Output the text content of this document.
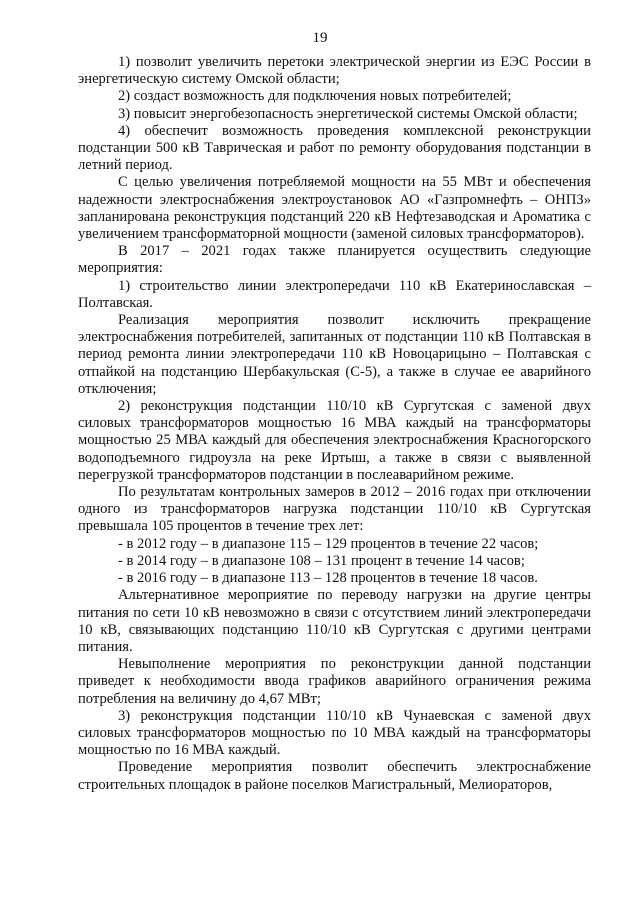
19

1) позволит увеличить перетоки электрической энергии из ЕЭС России в энергетическую систему Омской области;

2) создаст возможность для подключения новых потребителей;

3) повысит энергобезопасность энергетической системы Омской области;

4) обеспечит возможность проведения комплексной реконструкции подстанции 500 кВ Таврическая и работ по ремонту оборудования подстанции в летний период.

С целью увеличения потребляемой мощности на 55 МВт и обеспечения надежности электроснабжения электроустановок АО «Газпромнефть – ОНПЗ» запланирована реконструкция подстанций 220 кВ Нефтезаводская и Ароматика с увеличением трансформаторной мощности (заменой силовых трансформаторов).

В 2017 – 2021 годах также планируется осуществить следующие мероприятия:

1) строительство линии электропередачи 110 кВ Екатеринославская – Полтавская.

Реализация мероприятия позволит исключить прекращение электроснабжения потребителей, запитанных от подстанции 110 кВ Полтавская в период ремонта линии электропередачи 110 кВ Новоцарицыно – Полтавская с отпайкой на подстанцию Шербакульская (С-5), а также в случае ее аварийного отключения;

2) реконструкция подстанции 110/10 кВ Сургутская с заменой двух силовых трансформаторов мощностью 16 МВА каждый на трансформаторы мощностью 25 МВА каждый для обеспечения электроснабжения Красногорского водоподъемного гидроузла на реке Иртыш, а также в связи с выявленной перегрузкой трансформаторов подстанции в послеаварийном режиме.

По результатам контрольных замеров в 2012 – 2016 годах при отключении одного из трансформаторов нагрузка подстанции 110/10 кВ Сургутская превышала 105 процентов в течение трех лет:

- в 2012 году – в диапазоне 115 – 129 процентов в течение 22 часов;

- в 2014 году – в диапазоне 108 – 131 процент в течение 14 часов;

- в 2016 году – в диапазоне 113 – 128 процентов в течение 18 часов.

Альтернативное мероприятие по переводу нагрузки на другие центры питания по сети 10 кВ невозможно в связи с отсутствием линий электропередачи 10 кВ, связывающих подстанцию 110/10 кВ Сургутская с другими центрами питания.

Невыполнение мероприятия по реконструкции данной подстанции приведет к необходимости ввода графиков аварийного ограничения режима потребления на величину до 4,67 МВт;

3) реконструкция подстанции 110/10 кВ Чунаевская с заменой двух силовых трансформаторов мощностью по 10 МВА каждый на трансформаторы мощностью по 16 МВА каждый.

Проведение мероприятия позволит обеспечить электроснабжение строительных площадок в районе поселков Магистральный, Мелиораторов,
